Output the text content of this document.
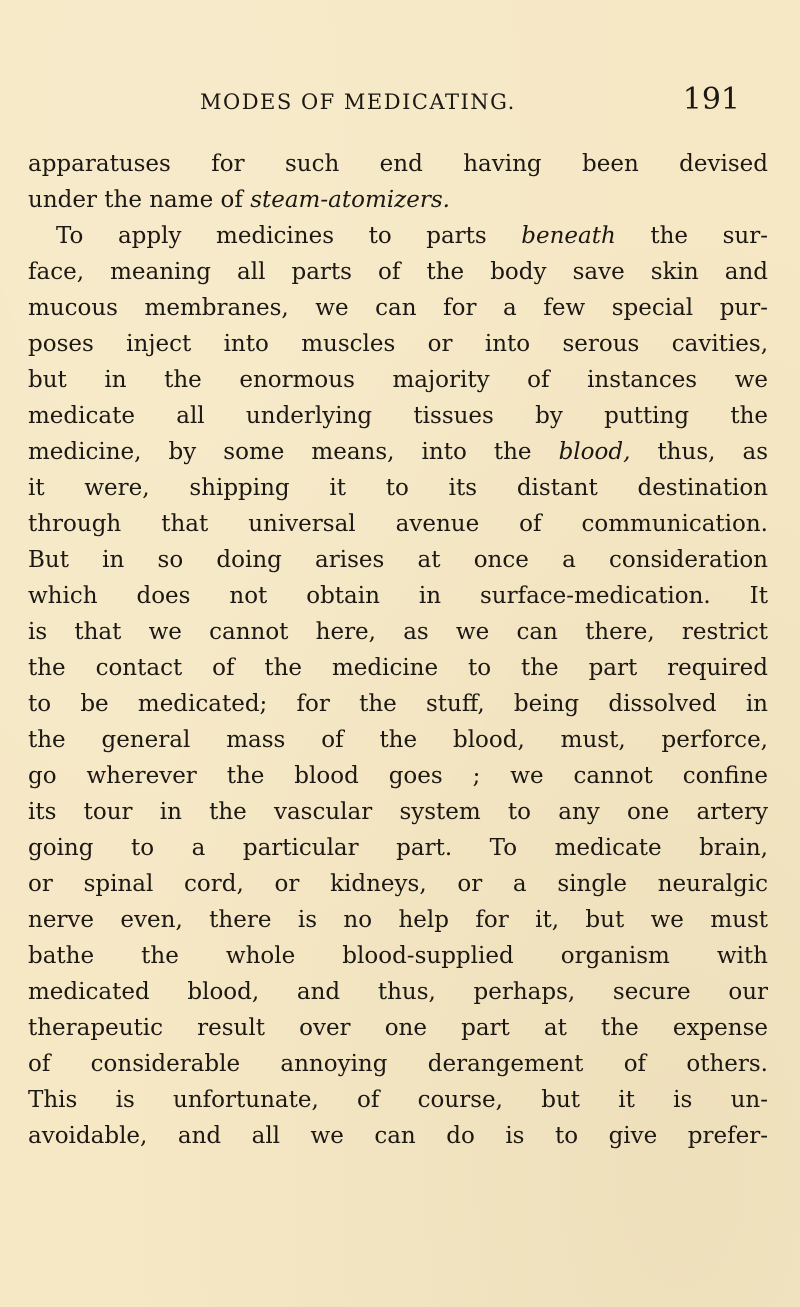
MODES OF MEDICATING.	191
apparatuses for such end having been devised
under the name of steam-atomizers.
To apply medicines to parts beneath the sur-
face, meaning all parts of the body save skin and
mucous membranes, we can for a few special pur-
poses inject into muscles or into serous cavities,
but in the enormous majority of instances we
medicate all underlying tissues by putting the
medicine, by some means, into the blood, thus, as
it were, shipping it to its distant destination
through that universal avenue of communication.
But in so doing arises at once a consideration
which does not obtain in surface-medication. It
is that we cannot here, as we can there, restrict
the contact of the medicine to the part required
to be medicated; for the stuff, being dissolved in
the general mass of the blood, must, perforce,
go wherever the blood goes ; we cannot confine
its tour in the vascular system to any one artery
going to a particular part. To medicate brain,
or spinal cord, or kidneys, or a single neuralgic
nerve even, there is no help for it, but we must
bathe the whole blood-supplied organism with
medicated blood, and thus, perhaps, secure our
therapeutic result over one part at the expense
of considerable annoying derangement of others.
This is unfortunate, of course, but it is un-
avoidable, and all we can do is to give prefer-
